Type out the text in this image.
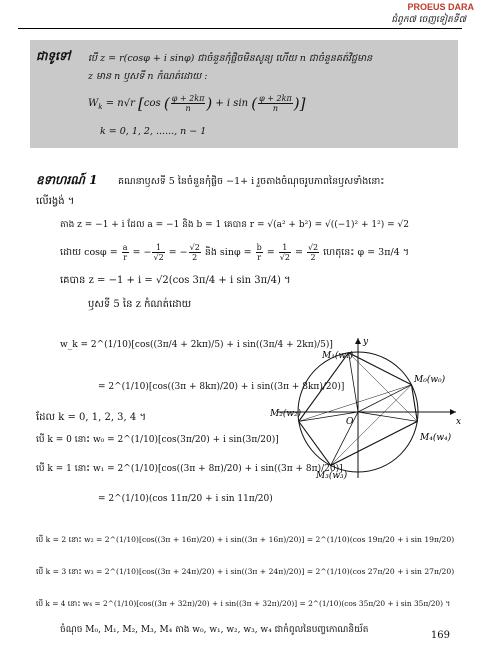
PROEUS DARA
ជំពូក៧ ចេញទៀតទី៧
ជាទូទៅ បើ z = r(cosφ + i sinφ) ជាចំនួនកុំផ្លិចមិនសូន្យ ហើយ n ជាចំនួនគត់វិជ្ជមាន
z មាន n ឫសទី n កំណត់ដោយ :
$W_k = n√r$ [cos ( $\frac{\varphi + 2k\pi}{n}$ ) + i sin ( $\frac{\varphi + 2k\pi}{n}$ )]
k = 0, 1, 2, ......, n − 1
ឧទាហរណ៍ 1 គណនាឫសទី 5 នៃចំនួនកុំផ្លិច −1+ i រួចតាងចំណុចរូបភាពនៃឫសទាំងនោះ
លើរង្វង់ ។
តាង z = −1 + i ដែល a = −1 និង b = 1 គេបាន r = √(a² + b²) = √((−1)² + 1²) = √2
ដោយ $\cos\varphi = \frac{a}{r}$ = − $\frac{1}{√2}$ = − $\frac{√2}{2}$ និង $\sin\varphi = \frac{b}{r} = \frac{1}{√2} = \frac{√2}{2}$ ហេតុនេះ φ = 3π/4 ។
គេបាន z = −1 + i = √2(cos 3π/4 + i sin 3π/4) ។
ឫសទី 5 នៃ z កំណត់ដោយ
w_k = 2^(1/10)[cos((3π/4 + 2kπ)/5) + i sin((3π/4 + 2kπ)/5)]
= 2^(1/10)[cos((3π + 8kπ)/20) + i sin((3π + 8kπ)/20)]
ដែល k = 0, 1, 2, 3, 4 ។
បើ k = 0 នោះ w₀ = 2^(1/10)[cos(3π/20) + i sin(3π/20)]
បើ k = 1 នោះ w₁ = 2^(1/10)[cos((3π + 8π)/20) + i sin((3π + 8π)/20)]
= 2^(1/10)(cos 11π/20 + i sin 11π/20)
បើ k = 2 នោះ w₂ = 2^(1/10)[cos((3π + 16π)/20) + i sin((3π + 16π)/20)] = 2^(1/10)(cos 19π/20 + i sin 19π/20)
បើ k = 3 នោះ w₃ = 2^(1/10)[cos((3π + 24π)/20) + i sin((3π + 24π)/20)] = 2^(1/10)(cos 27π/20 + i sin 27π/20)
បើ k = 4 នោះ w₄ = 2^(1/10)[cos((3π + 32π)/20) + i sin((3π + 32π)/20)] = 2^(1/10)(cos 35π/20 + i sin 35π/20) ។
ចំណុច M₀, M₁, M₂, M₃, M₄ តាង w₀, w₁, w₂, w₃, w₄ ជាកំពូលនៃបញ្ចកោណនិយ័ត
M₁(w₁)
M₀(w₀)
M₂(w₂)
M₄(w₄)
M₃(w₃)
O	x
y
169
